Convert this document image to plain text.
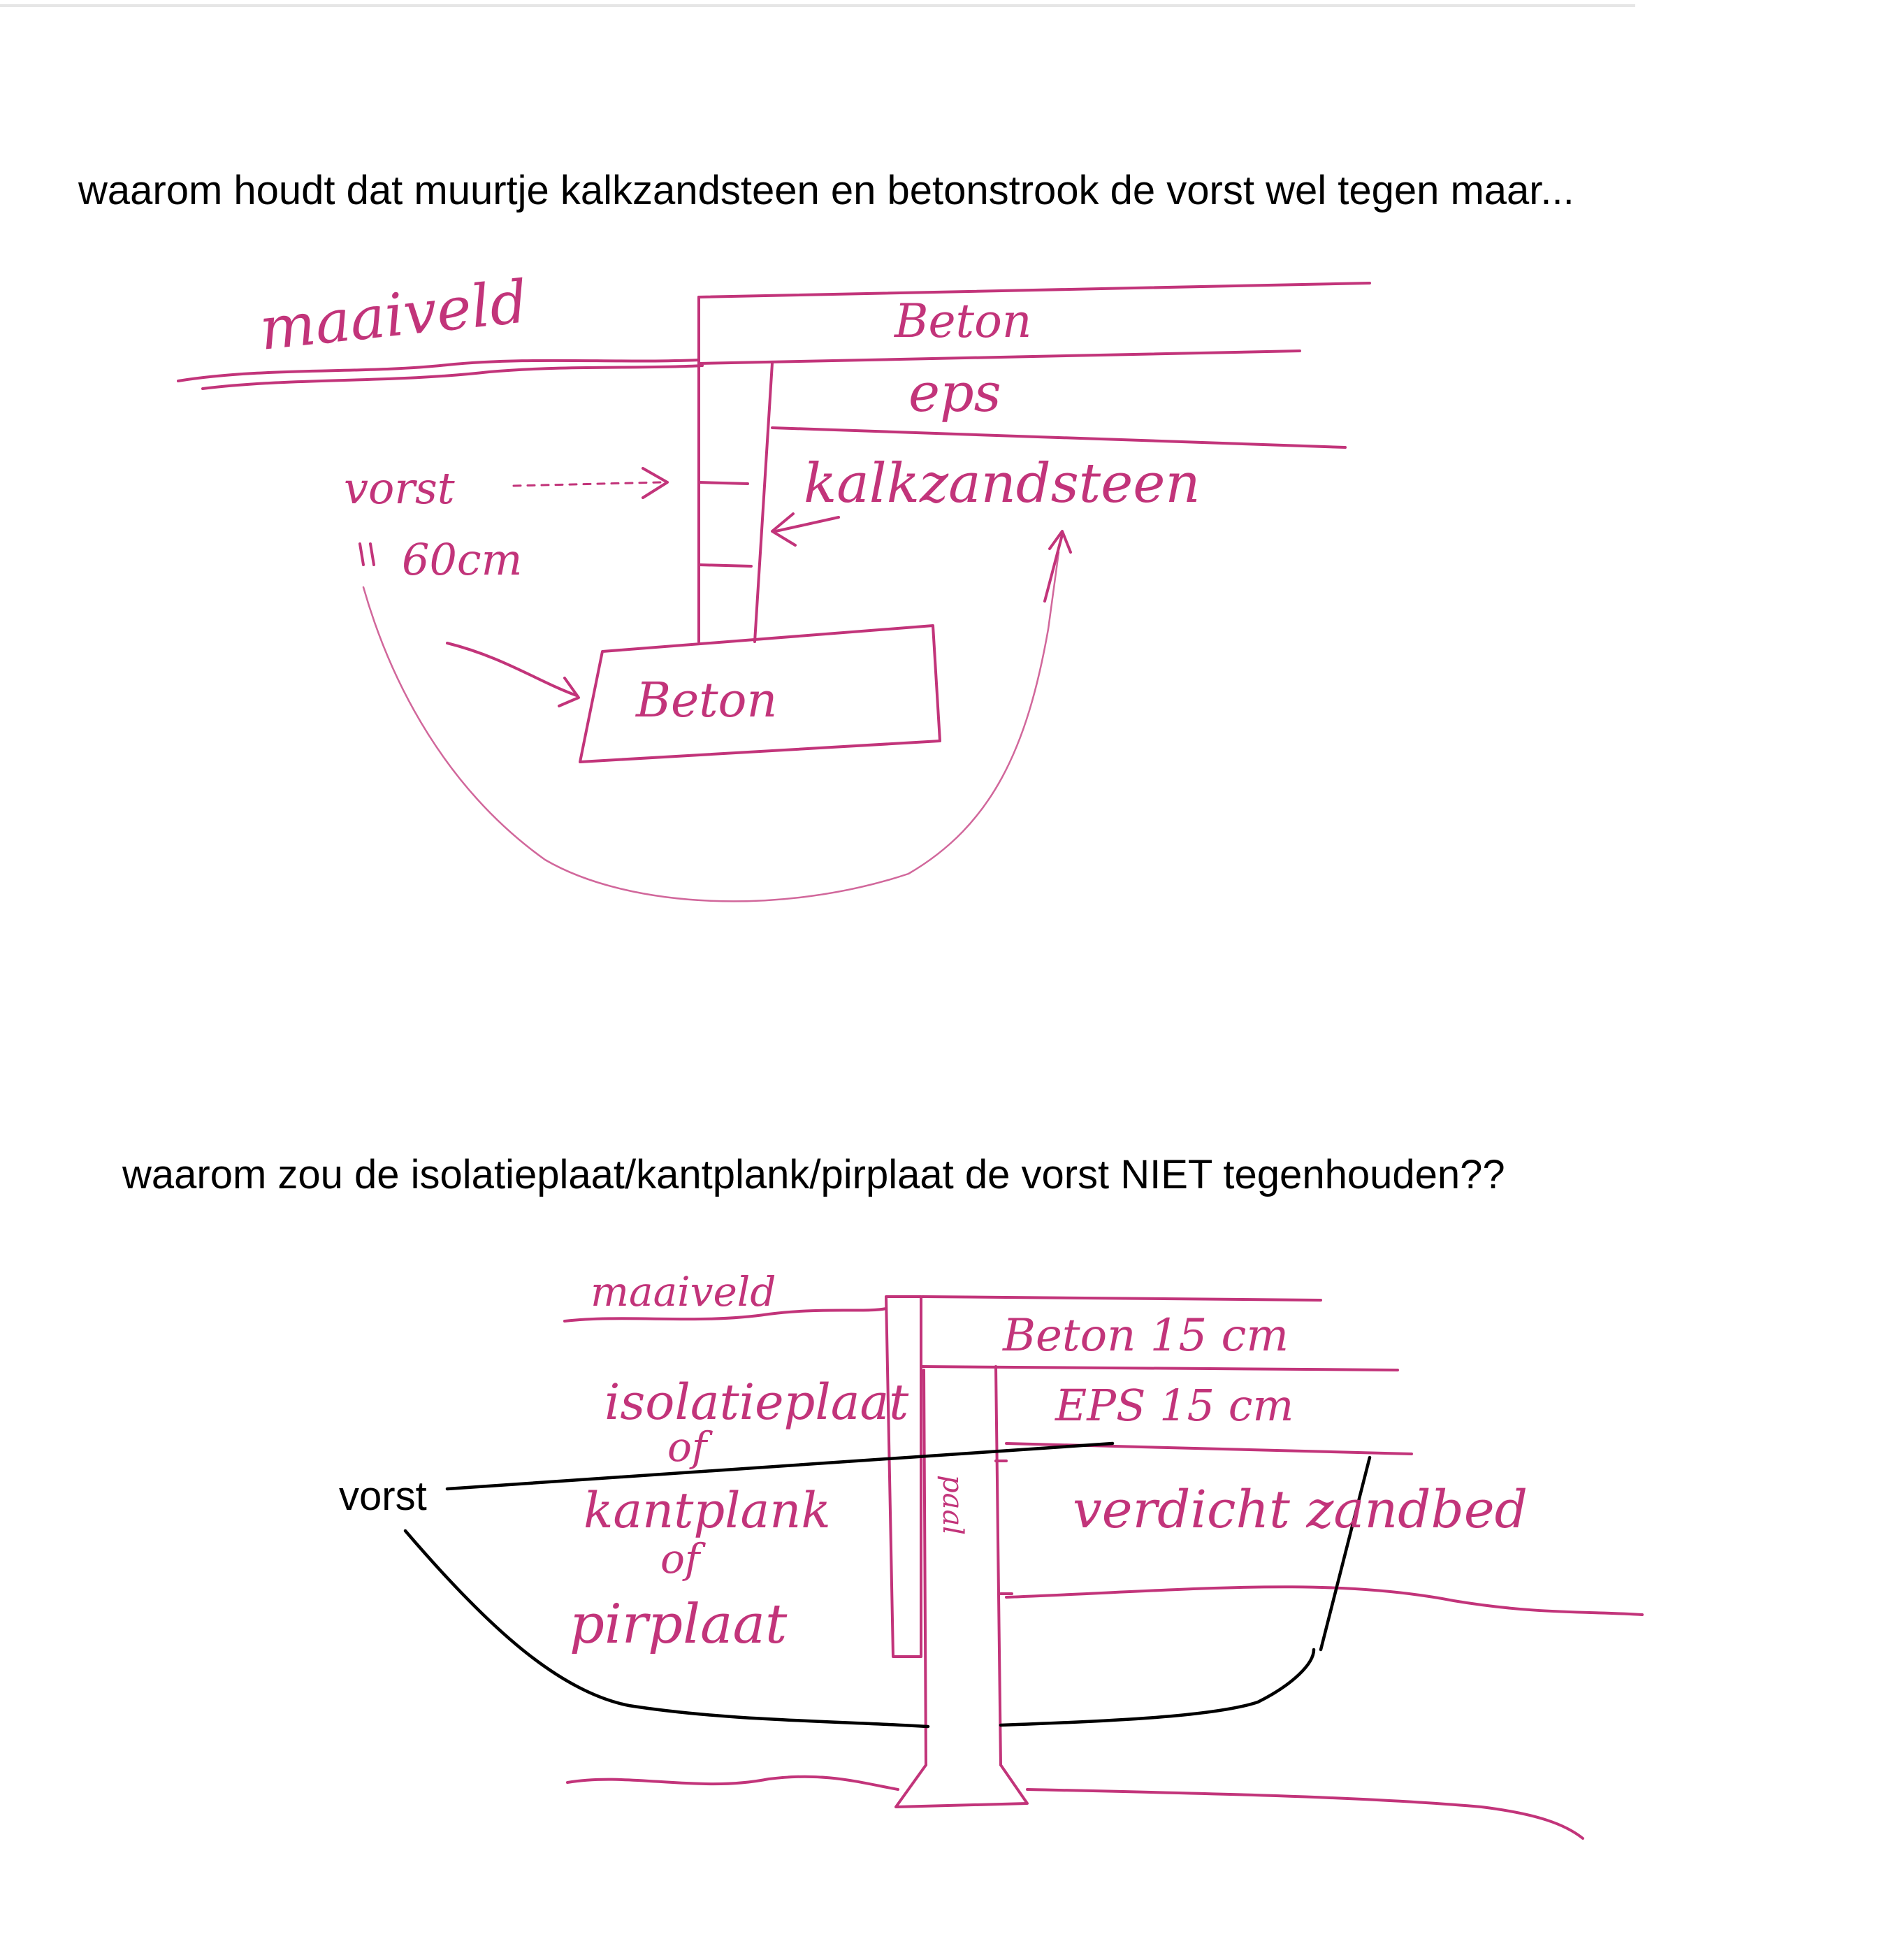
waarom houdt dat muurtje kalkzandsteen en betonstrook de vorst wel tegen maar...
maaiveld	Beton
eps
kalkzandsteen
vorst
60cm
Beton
waarom zou de isolatieplaat/kantplank/pirplaat de vorst NIET tegenhouden??
vorst
maaiveld
Beton 15 cm
EPS 15 cm
isolatieplaat
of
kantplank
of
pirplaat
paal verdicht zandbed
